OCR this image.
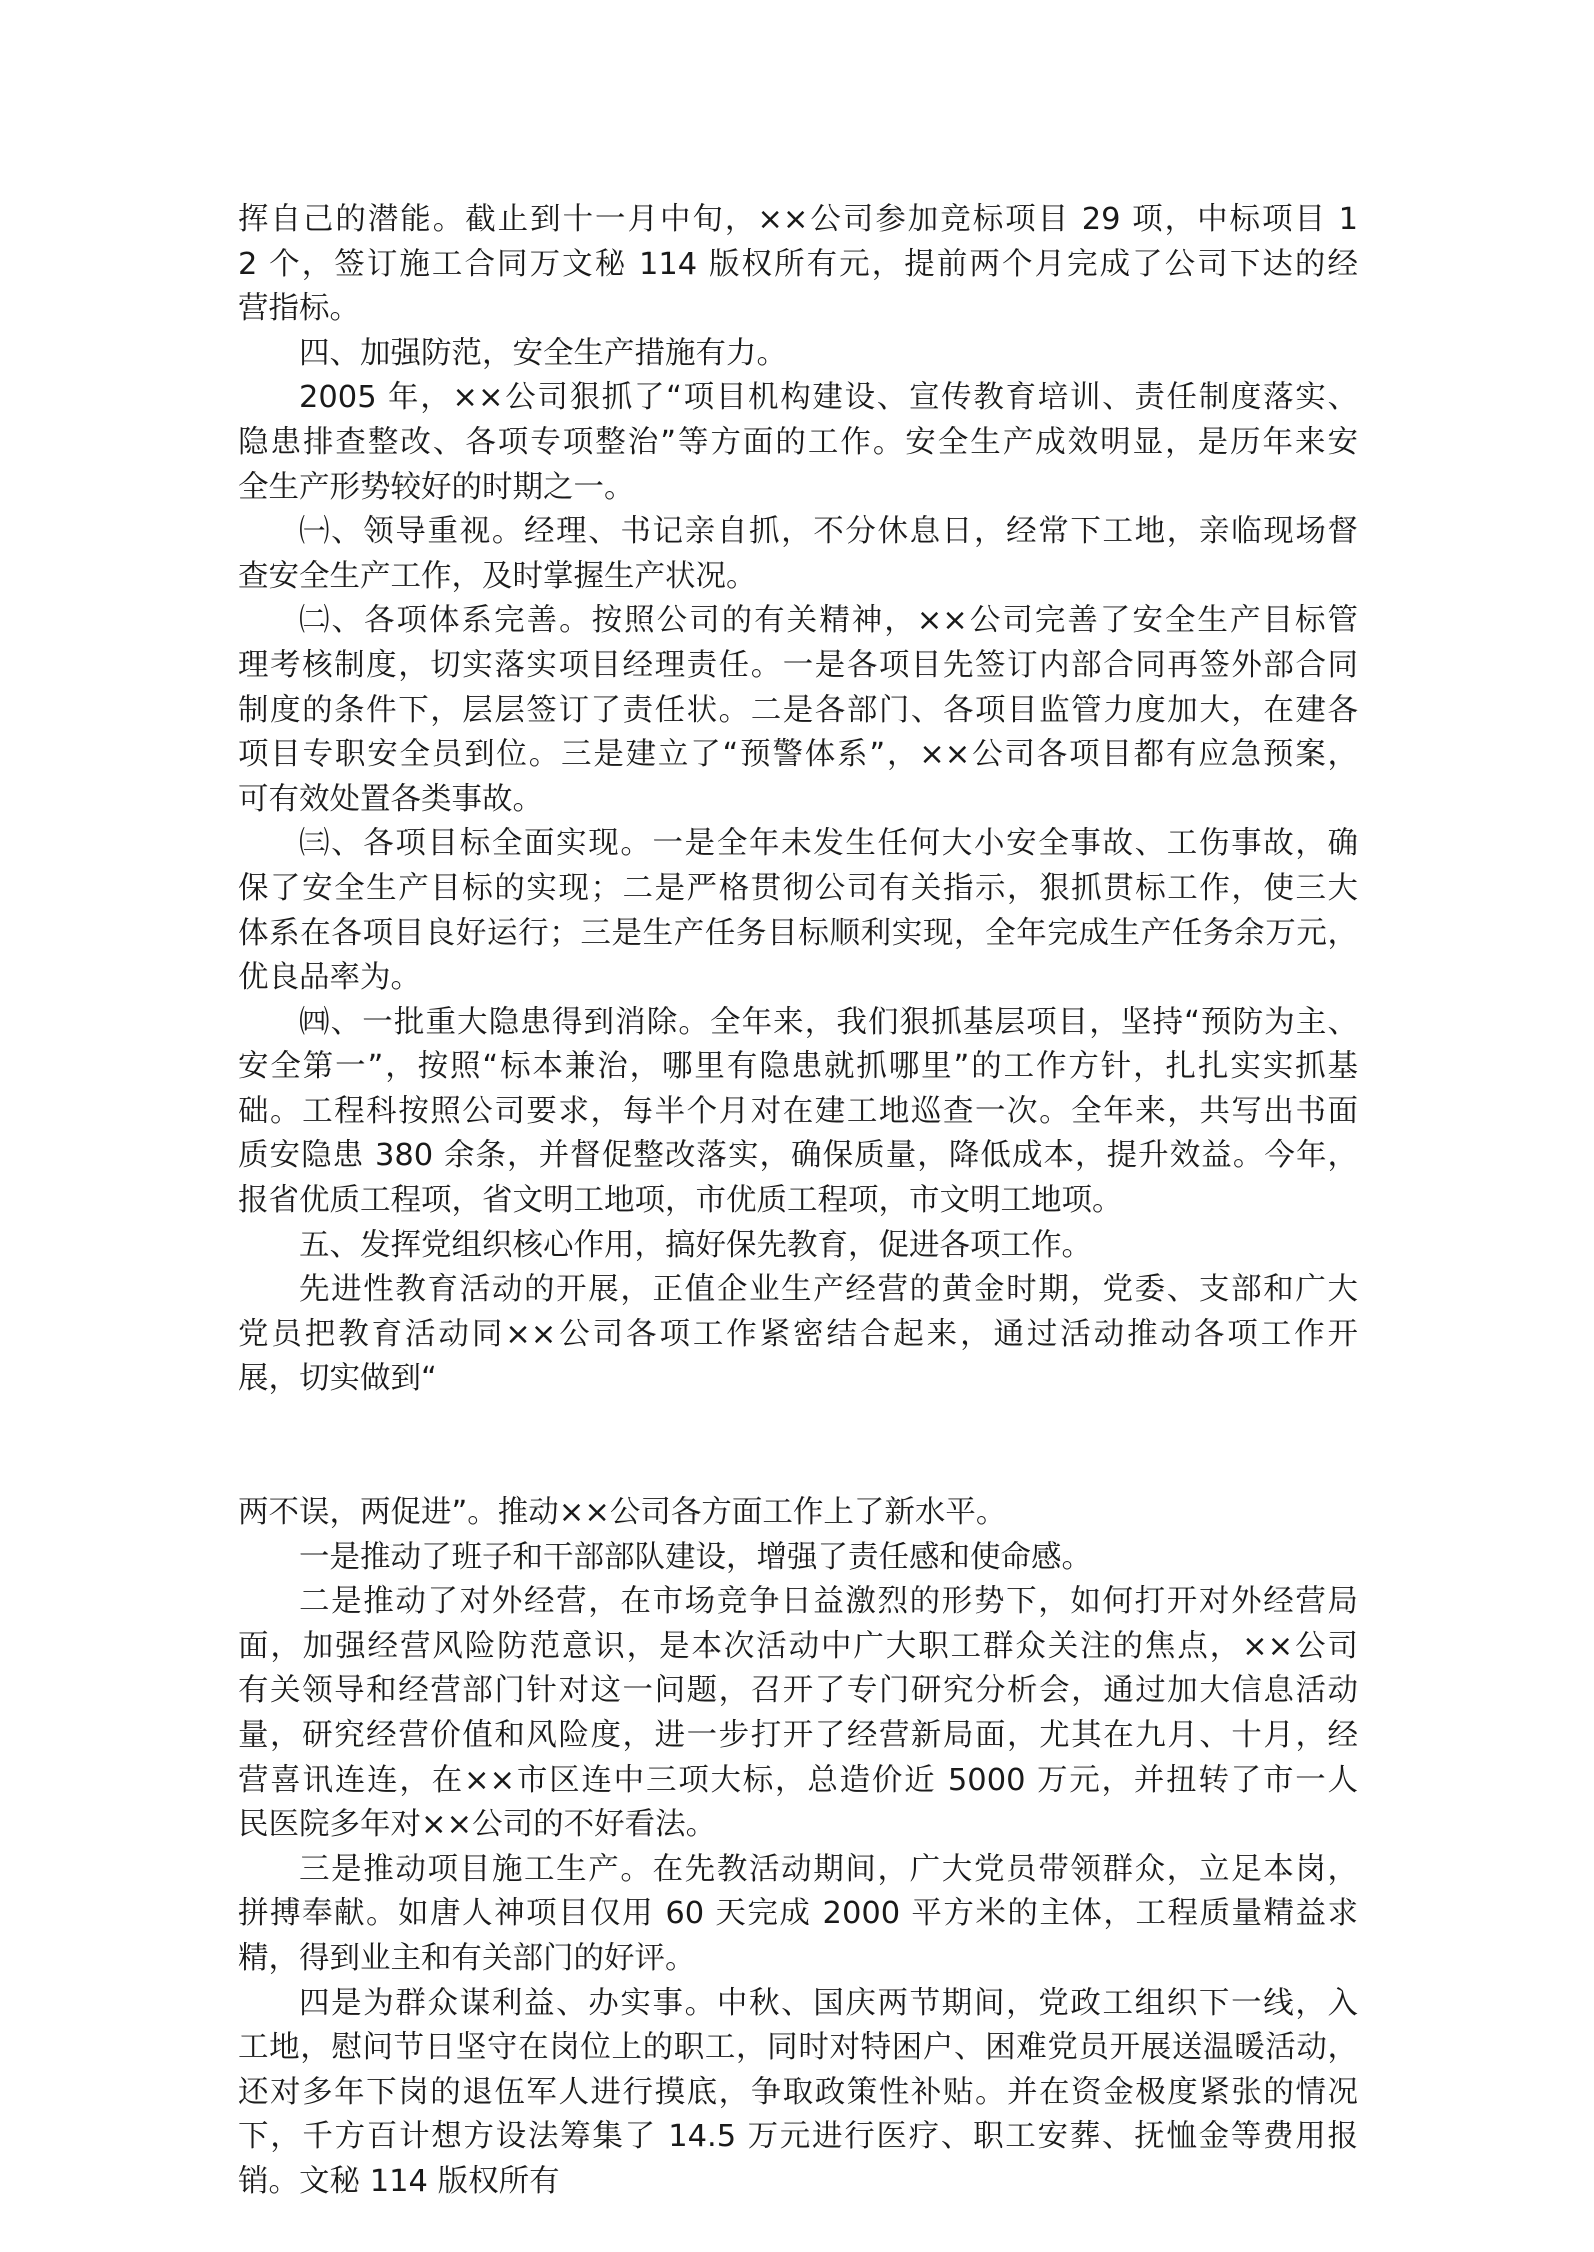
挥自己的潜能。截止到十一月中旬，××公司参加竞标项目 29 项，中标项目 1
2 个，签订施工合同万文秘 114 版权所有元，提前两个月完成了公司下达的经
营指标。
四、加强防范，安全生产措施有力。
2005 年，××公司狠抓了“项目机构建设、宣传教育培训、责任制度落实、
隐患排查整改、各项专项整治”等方面的工作。安全生产成效明显，是历年来安
全生产形势较好的时期之一。
㈠、领导重视。经理、书记亲自抓，不分休息日，经常下工地，亲临现场督
查安全生产工作，及时掌握生产状况。
㈡、各项体系完善。按照公司的有关精神，××公司完善了安全生产目标管
理考核制度，切实落实项目经理责任。一是各项目先签订内部合同再签外部合同
制度的条件下，层层签订了责任状。二是各部门、各项目监管力度加大，在建各
项目专职安全员到位。三是建立了“预警体系”，××公司各项目都有应急预案，
可有效处置各类事故。
㈢、各项目标全面实现。一是全年未发生任何大小安全事故、工伤事故，确
保了安全生产目标的实现；二是严格贯彻公司有关指示，狠抓贯标工作，使三大
体系在各项目良好运行；三是生产任务目标顺利实现，全年完成生产任务余万元，
优良品率为。
㈣、一批重大隐患得到消除。全年来，我们狠抓基层项目，坚持“预防为主、
安全第一”，按照“标本兼治，哪里有隐患就抓哪里”的工作方针，扎扎实实抓基
础。工程科按照公司要求，每半个月对在建工地巡查一次。全年来，共写出书面
质安隐患 380 余条，并督促整改落实，确保质量，降低成本，提升效益。今年，
报省优质工程项，省文明工地项，市优质工程项，市文明工地项。
五、发挥党组织核心作用，搞好保先教育，促进各项工作。
先进性教育活动的开展，正值企业生产经营的黄金时期，党委、支部和广大
党员把教育活动同××公司各项工作紧密结合起来，通过活动推动各项工作开
展，切实做到“
两不误，两促进”。推动××公司各方面工作上了新水平。
一是推动了班子和干部部队建设，增强了责任感和使命感。
二是推动了对外经营，在市场竞争日益激烈的形势下，如何打开对外经营局
面，加强经营风险防范意识，是本次活动中广大职工群众关注的焦点，××公司
有关领导和经营部门针对这一问题，召开了专门研究分析会，通过加大信息活动
量，研究经营价值和风险度，进一步打开了经营新局面，尤其在九月、十月，经
营喜讯连连，在××市区连中三项大标，总造价近 5000 万元，并扭转了市一人
民医院多年对××公司的不好看法。
三是推动项目施工生产。在先教活动期间，广大党员带领群众，立足本岗，
拼搏奉献。如唐人神项目仅用 60 天完成 2000 平方米的主体，工程质量精益求
精，得到业主和有关部门的好评。
四是为群众谋利益、办实事。中秋、国庆两节期间，党政工组织下一线，入
工地，慰问节日坚守在岗位上的职工，同时对特困户、困难党员开展送温暖活动，
还对多年下岗的退伍军人进行摸底，争取政策性补贴。并在资金极度紧张的情况
下，千方百计想方设法筹集了 14.5 万元进行医疗、职工安葬、抚恤金等费用报
销。文秘 114 版权所有
